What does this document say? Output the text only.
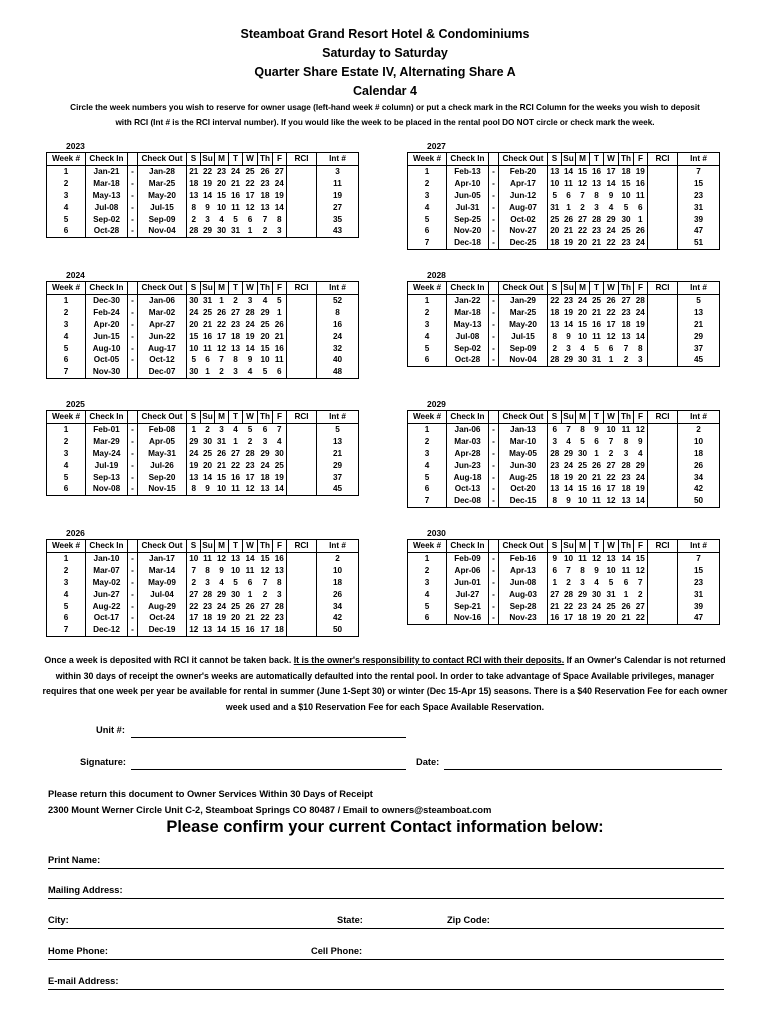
Steamboat Grand Resort Hotel & Condominiums
Saturday to Saturday
Quarter Share Estate IV, Alternating Share A
Calendar 4
Circle the week numbers you wish to reserve for owner usage (left-hand week # column) or put a check mark in the RCI Column for the weeks you wish to deposit
with RCI (Int # is the RCI interval number). If you would like the week to be placed in the rental pool DO NOT circle or check mark the week.
2023
Week #	Check In		Check Out	S	Su	M	T	W	Th	F	RCI	Int #
1	Jan-21	-	Jan-28	21	22	23	24	25	26	27		3
2	Mar-18	-	Mar-25	18	19	20	21	22	23	24		11
3	May-13	-	May-20	13	14	15	16	17	18	19		19
4	Jul-08	-	Jul-15	8	9	10	11	12	13	14		27
5	Sep-02	-	Sep-09	2	3	4	5	6	7	8		35
6	Oct-28	-	Nov-04	28	29	30	31	1	2	3		43
2027
Week #	Check In		Check Out	S	Su	M	T	W	Th	F	RCI	Int #
1	Feb-13	-	Feb-20	13	14	15	16	17	18	19		7
2	Apr-10	-	Apr-17	10	11	12	13	14	15	16		15
3	Jun-05	-	Jun-12	5	6	7	8	9	10	11		23
4	Jul-31	-	Aug-07	31	1	2	3	4	5	6		31
5	Sep-25	-	Oct-02	25	26	27	28	29	30	1		39
6	Nov-20	-	Nov-27	20	21	22	23	24	25	26		47
7	Dec-18	-	Dec-25	18	19	20	21	22	23	24		51
2024
Week #	Check In		Check Out	S	Su	M	T	W	Th	F	RCI	Int #
1	Dec-30	-	Jan-06	30	31	1	2	3	4	5		52
2	Feb-24	-	Mar-02	24	25	26	27	28	29	1		8
3	Apr-20	-	Apr-27	20	21	22	23	24	25	26		16
4	Jun-15	-	Jun-22	15	16	17	18	19	20	21		24
5	Aug-10	-	Aug-17	10	11	12	13	14	15	16		32
6	Oct-05	-	Oct-12	5	6	7	8	9	10	11		40
7	Nov-30		Dec-07	30	1	2	3	4	5	6		48
2028
Week #	Check In		Check Out	S	Su	M	T	W	Th	F	RCI	Int #
1	Jan-22	-	Jan-29	22	23	24	25	26	27	28		5
2	Mar-18	-	Mar-25	18	19	20	21	22	23	24		13
3	May-13	-	May-20	13	14	15	16	17	18	19		21
4	Jul-08	-	Jul-15	8	9	10	11	12	13	14		29
5	Sep-02	-	Sep-09	2	3	4	5	6	7	8		37
6	Oct-28	-	Nov-04	28	29	30	31	1	2	3		45
2025
Week #	Check In		Check Out	S	Su	M	T	W	Th	F	RCI	Int #
1	Feb-01	-	Feb-08	1	2	3	4	5	6	7		5
2	Mar-29	-	Apr-05	29	30	31	1	2	3	4		13
3	May-24	-	May-31	24	25	26	27	28	29	30		21
4	Jul-19	-	Jul-26	19	20	21	22	23	24	25		29
5	Sep-13	-	Sep-20	13	14	15	16	17	18	19		37
6	Nov-08	-	Nov-15	8	9	10	11	12	13	14		45
2029
Week #	Check In		Check Out	S	Su	M	T	W	Th	F	RCI	Int #
1	Jan-06	-	Jan-13	6	7	8	9	10	11	12		2
2	Mar-03	-	Mar-10	3	4	5	6	7	8	9		10
3	Apr-28	-	May-05	28	29	30	1	2	3	4		18
4	Jun-23	-	Jun-30	23	24	25	26	27	28	29		26
5	Aug-18	-	Aug-25	18	19	20	21	22	23	24		34
6	Oct-13	-	Oct-20	13	14	15	16	17	18	19		42
7	Dec-08	-	Dec-15	8	9	10	11	12	13	14		50
2026
Week #	Check In		Check Out	S	Su	M	T	W	Th	F	RCI	Int #
1	Jan-10	-	Jan-17	10	11	12	13	14	15	16		2
2	Mar-07	-	Mar-14	7	8	9	10	11	12	13		10
3	May-02	-	May-09	2	3	4	5	6	7	8		18
4	Jun-27	-	Jul-04	27	28	29	30	1	2	3		26
5	Aug-22	-	Aug-29	22	23	24	25	26	27	28		34
6	Oct-17	-	Oct-24	17	18	19	20	21	22	23		42
7	Dec-12	-	Dec-19	12	13	14	15	16	17	18		50
2030
Week #	Check In		Check Out	S	Su	M	T	W	Th	F	RCI	Int #
1	Feb-09	-	Feb-16	9	10	11	12	13	14	15		7
2	Apr-06	-	Apr-13	6	7	8	9	10	11	12		15
3	Jun-01	-	Jun-08	1	2	3	4	5	6	7		23
4	Jul-27	-	Aug-03	27	28	29	30	31	1	2		31
5	Sep-21	-	Sep-28	21	22	23	24	25	26	27		39
6	Nov-16	-	Nov-23	16	17	18	19	20	21	22		47
Once a week is deposited with RCI it cannot be taken back. It is the owner's responsibility to contact RCI with their deposits. If an Owner's Calendar is not returned within 30 days of receipt the owner's weeks are automatically defaulted into the rental pool. In order to take advantage of Space Available privileges, manager requires that one week per year be available for rental in summer (June 1-Sept 30) or winter (Dec 15-Apr 15) seasons. There is a $40 Reservation Fee for each owner week used and a $10 Reservation Fee for each Space Available Reservation.
Unit #:
Signature:	Date:
Please return this document to Owner Services Within 30 Days of Receipt
2300 Mount Werner Circle Unit C-2, Steamboat Springs CO 80487 / Email to owners@steamboat.com
Please confirm your current Contact information below:
Print Name:
Mailing Address:
City:	State:	Zip Code:
Home Phone:	Cell Phone:
E-mail Address:
